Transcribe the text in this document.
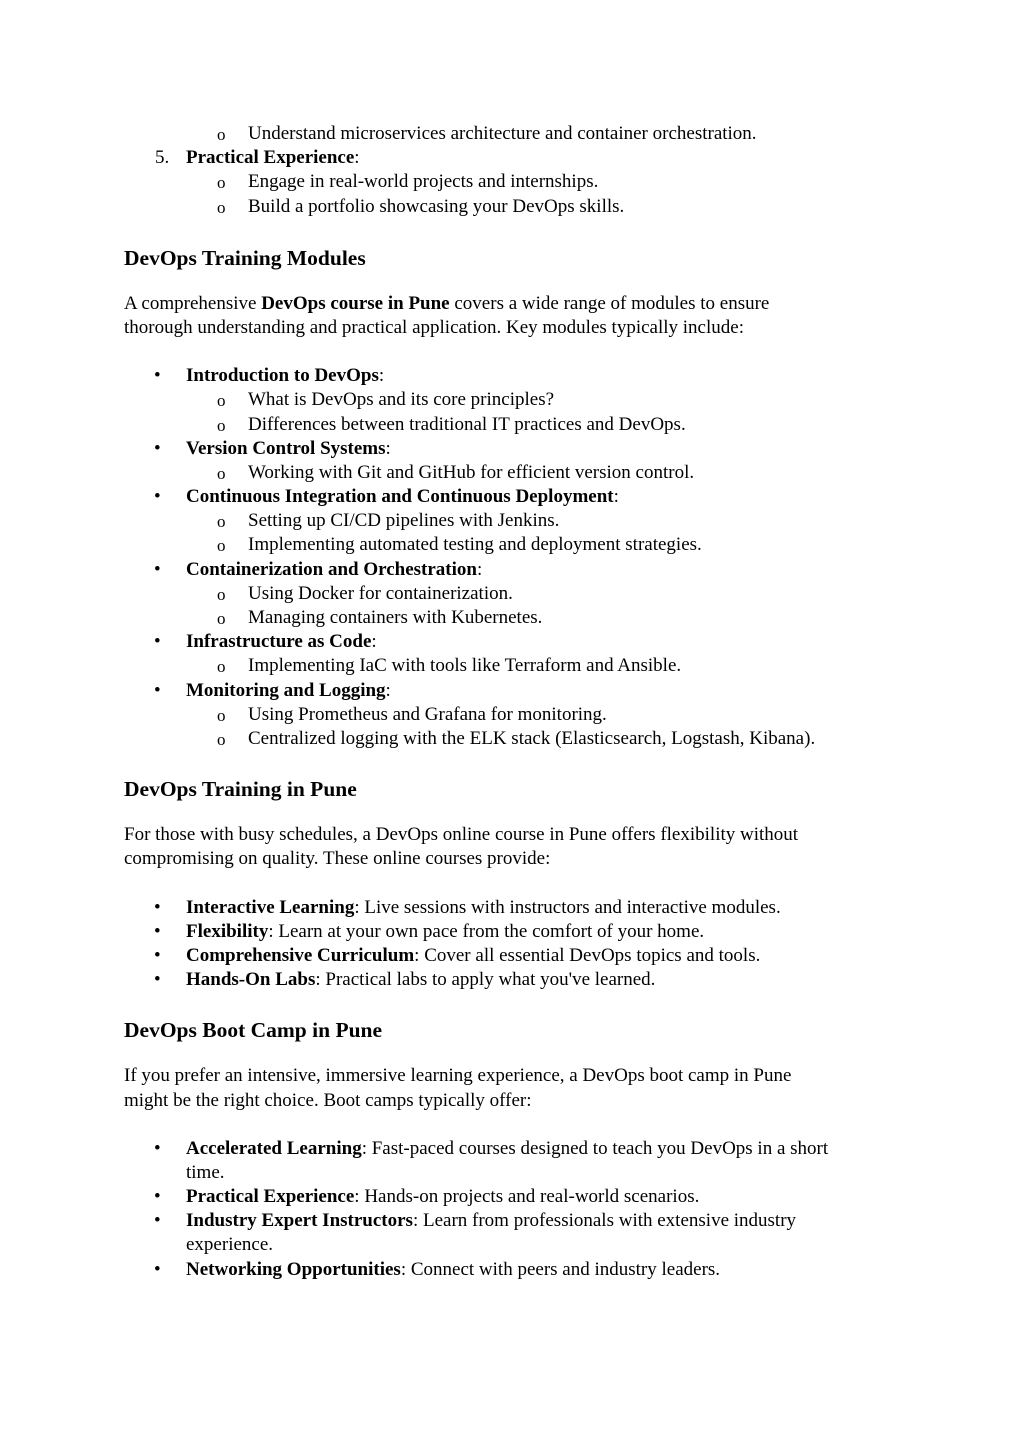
o Understand microservices architecture and container orchestration.
5. Practical Experience:
o Engage in real-world projects and internships.
o Build a portfolio showcasing your DevOps skills.
DevOps Training Modules

A comprehensive DevOps course in Pune covers a wide range of modules to ensure
thorough understanding and practical application. Key modules typically include:

• Introduction to DevOps:
o What is DevOps and its core principles?
o Differences between traditional IT practices and DevOps.
• Version Control Systems:
o Working with Git and GitHub for efficient version control.
• Continuous Integration and Continuous Deployment:
o Setting up CI/CD pipelines with Jenkins.
o Implementing automated testing and deployment strategies.
• Containerization and Orchestration:
o Using Docker for containerization.
o Managing containers with Kubernetes.
• Infrastructure as Code:
o Implementing IaC with tools like Terraform and Ansible.
• Monitoring and Logging:
o Using Prometheus and Grafana for monitoring.
o Centralized logging with the ELK stack (Elasticsearch, Logstash, Kibana).
DevOps Training in Pune

For those with busy schedules, a DevOps online course in Pune offers flexibility without
compromising on quality. These online courses provide:

• Interactive Learning: Live sessions with instructors and interactive modules.
• Flexibility: Learn at your own pace from the comfort of your home.
• Comprehensive Curriculum: Cover all essential DevOps topics and tools.
• Hands-On Labs: Practical labs to apply what you've learned.
DevOps Boot Camp in Pune

If you prefer an intensive, immersive learning experience, a DevOps boot camp in Pune
might be the right choice. Boot camps typically offer:

• Accelerated Learning: Fast-paced courses designed to teach you DevOps in a short
time.
• Practical Experience: Hands-on projects and real-world scenarios.
• Industry Expert Instructors: Learn from professionals with extensive industry
experience.
• Networking Opportunities: Connect with peers and industry leaders.
